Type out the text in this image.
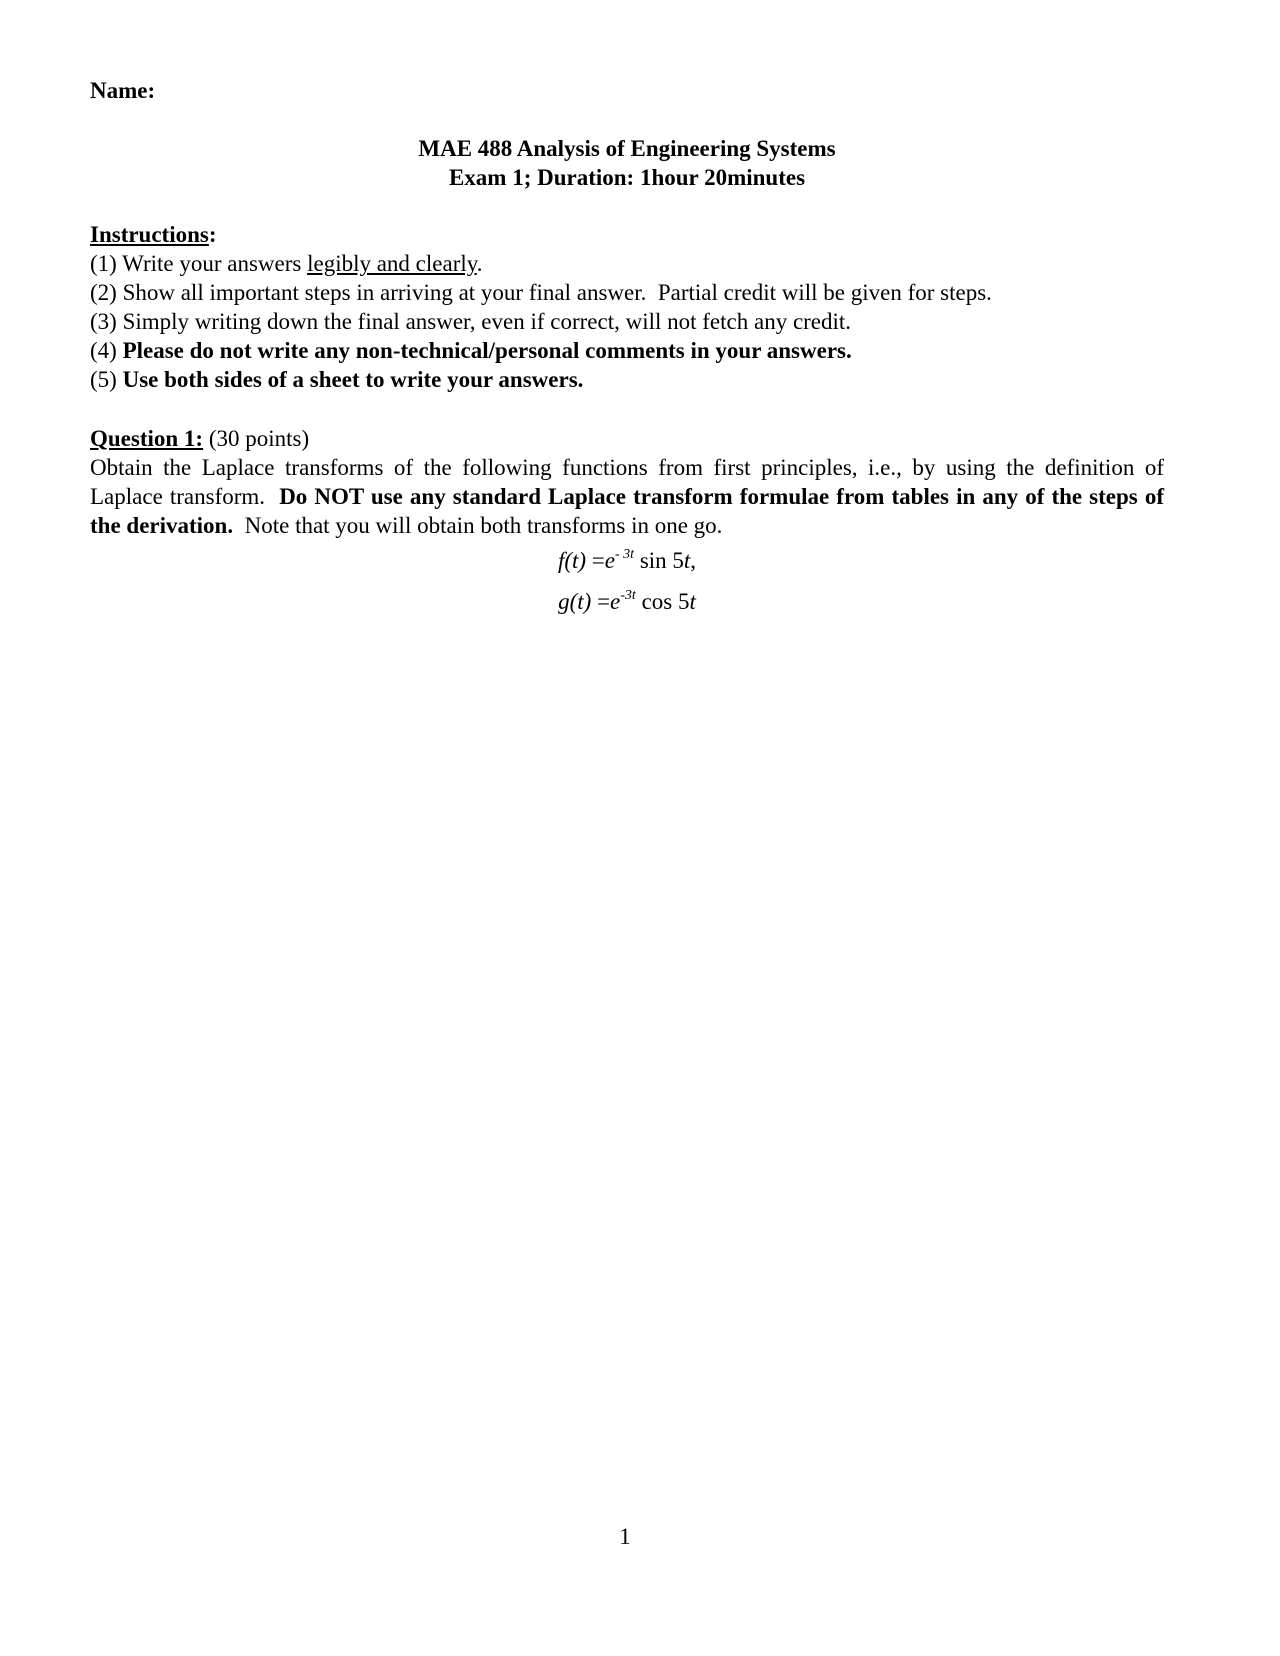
Name:
MAE 488 Analysis of Engineering Systems
Exam 1; Duration: 1hour 20minutes
Instructions:
(1) Write your answers legibly and clearly.
(2) Show all important steps in arriving at your final answer.  Partial credit will be given for steps.
(3) Simply writing down the final answer, even if correct, will not fetch any credit.
(4) Please do not write any non-technical/personal comments in your answers.
(5) Use both sides of a sheet to write your answers.
Question 1: (30 points)
Obtain the Laplace transforms of the following functions from first principles, i.e., by using the definition of Laplace transform.  Do NOT use any standard Laplace transform formulae from tables in any of the steps of the derivation.  Note that you will obtain both transforms in one go.
$f(t) =e^{- 3t}$ sin 5t,
$g(t) =e^{-3t}$ cos 5t
1
